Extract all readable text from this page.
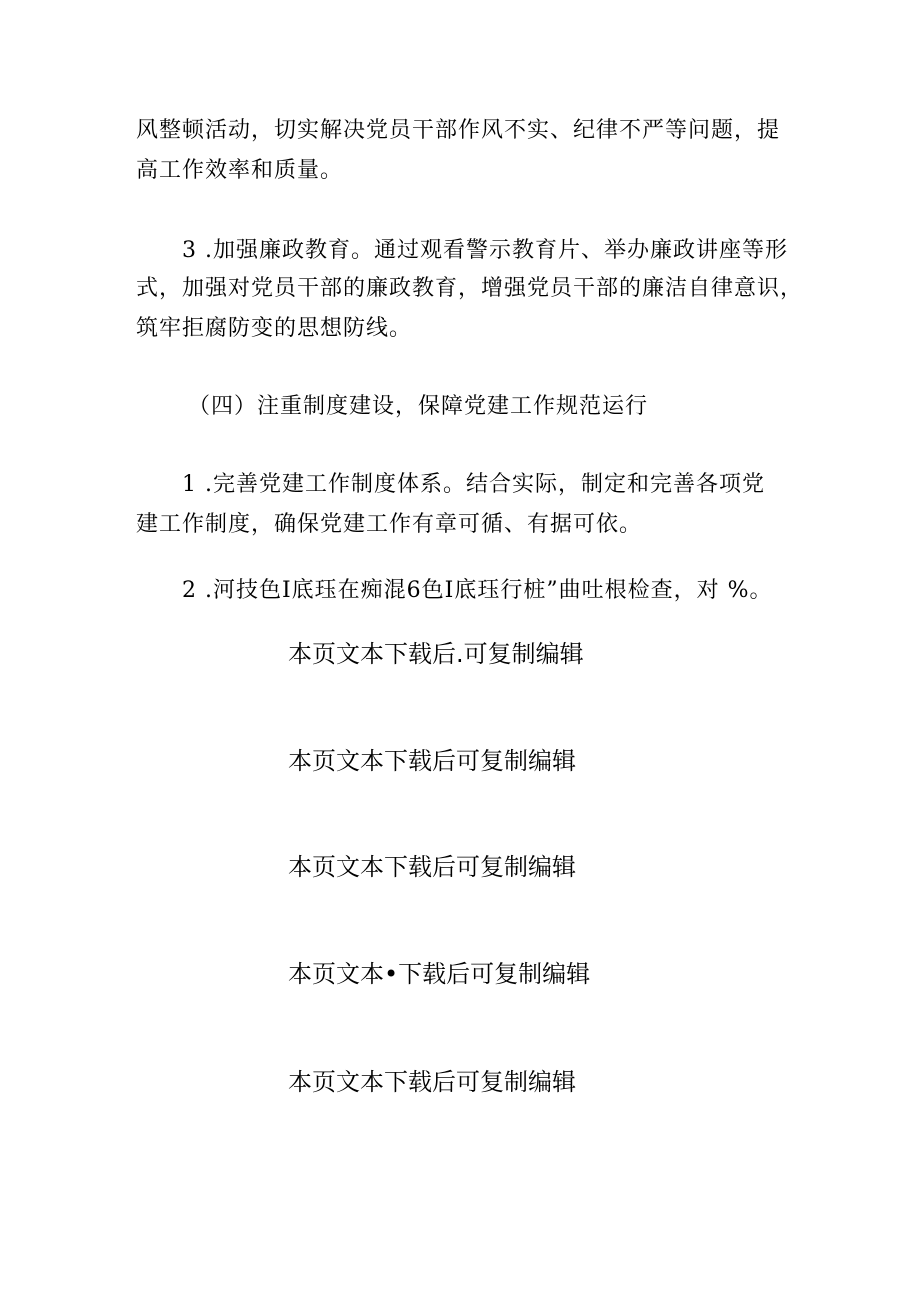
风整顿活动，切实解决党员干部作风不实、纪律不严等问题，提
高工作效率和质量。
3 .加强廉政教育。通过观看警示教育片、举办廉政讲座等形
式，加强对党员干部的廉政教育，增强党员干部的廉洁自律意识，
筑牢拒腐防变的思想防线。
（四）注重制度建设，保障党建工作规范运行
1 .完善党建工作制度体系。结合实际，制定和完善各项党
建工作制度，确保党建工作有章可循、有据可依。
2 .河技色I底珏在痴混6色I底珏行桩”曲吐根检查，对 %。
本页文本下载后.可复制编辑
本页文本下载后可复制编辑
本页文本下载后可复制编辑
本页文本•下载后可复制编辑
本页文本下载后可复制编辑
